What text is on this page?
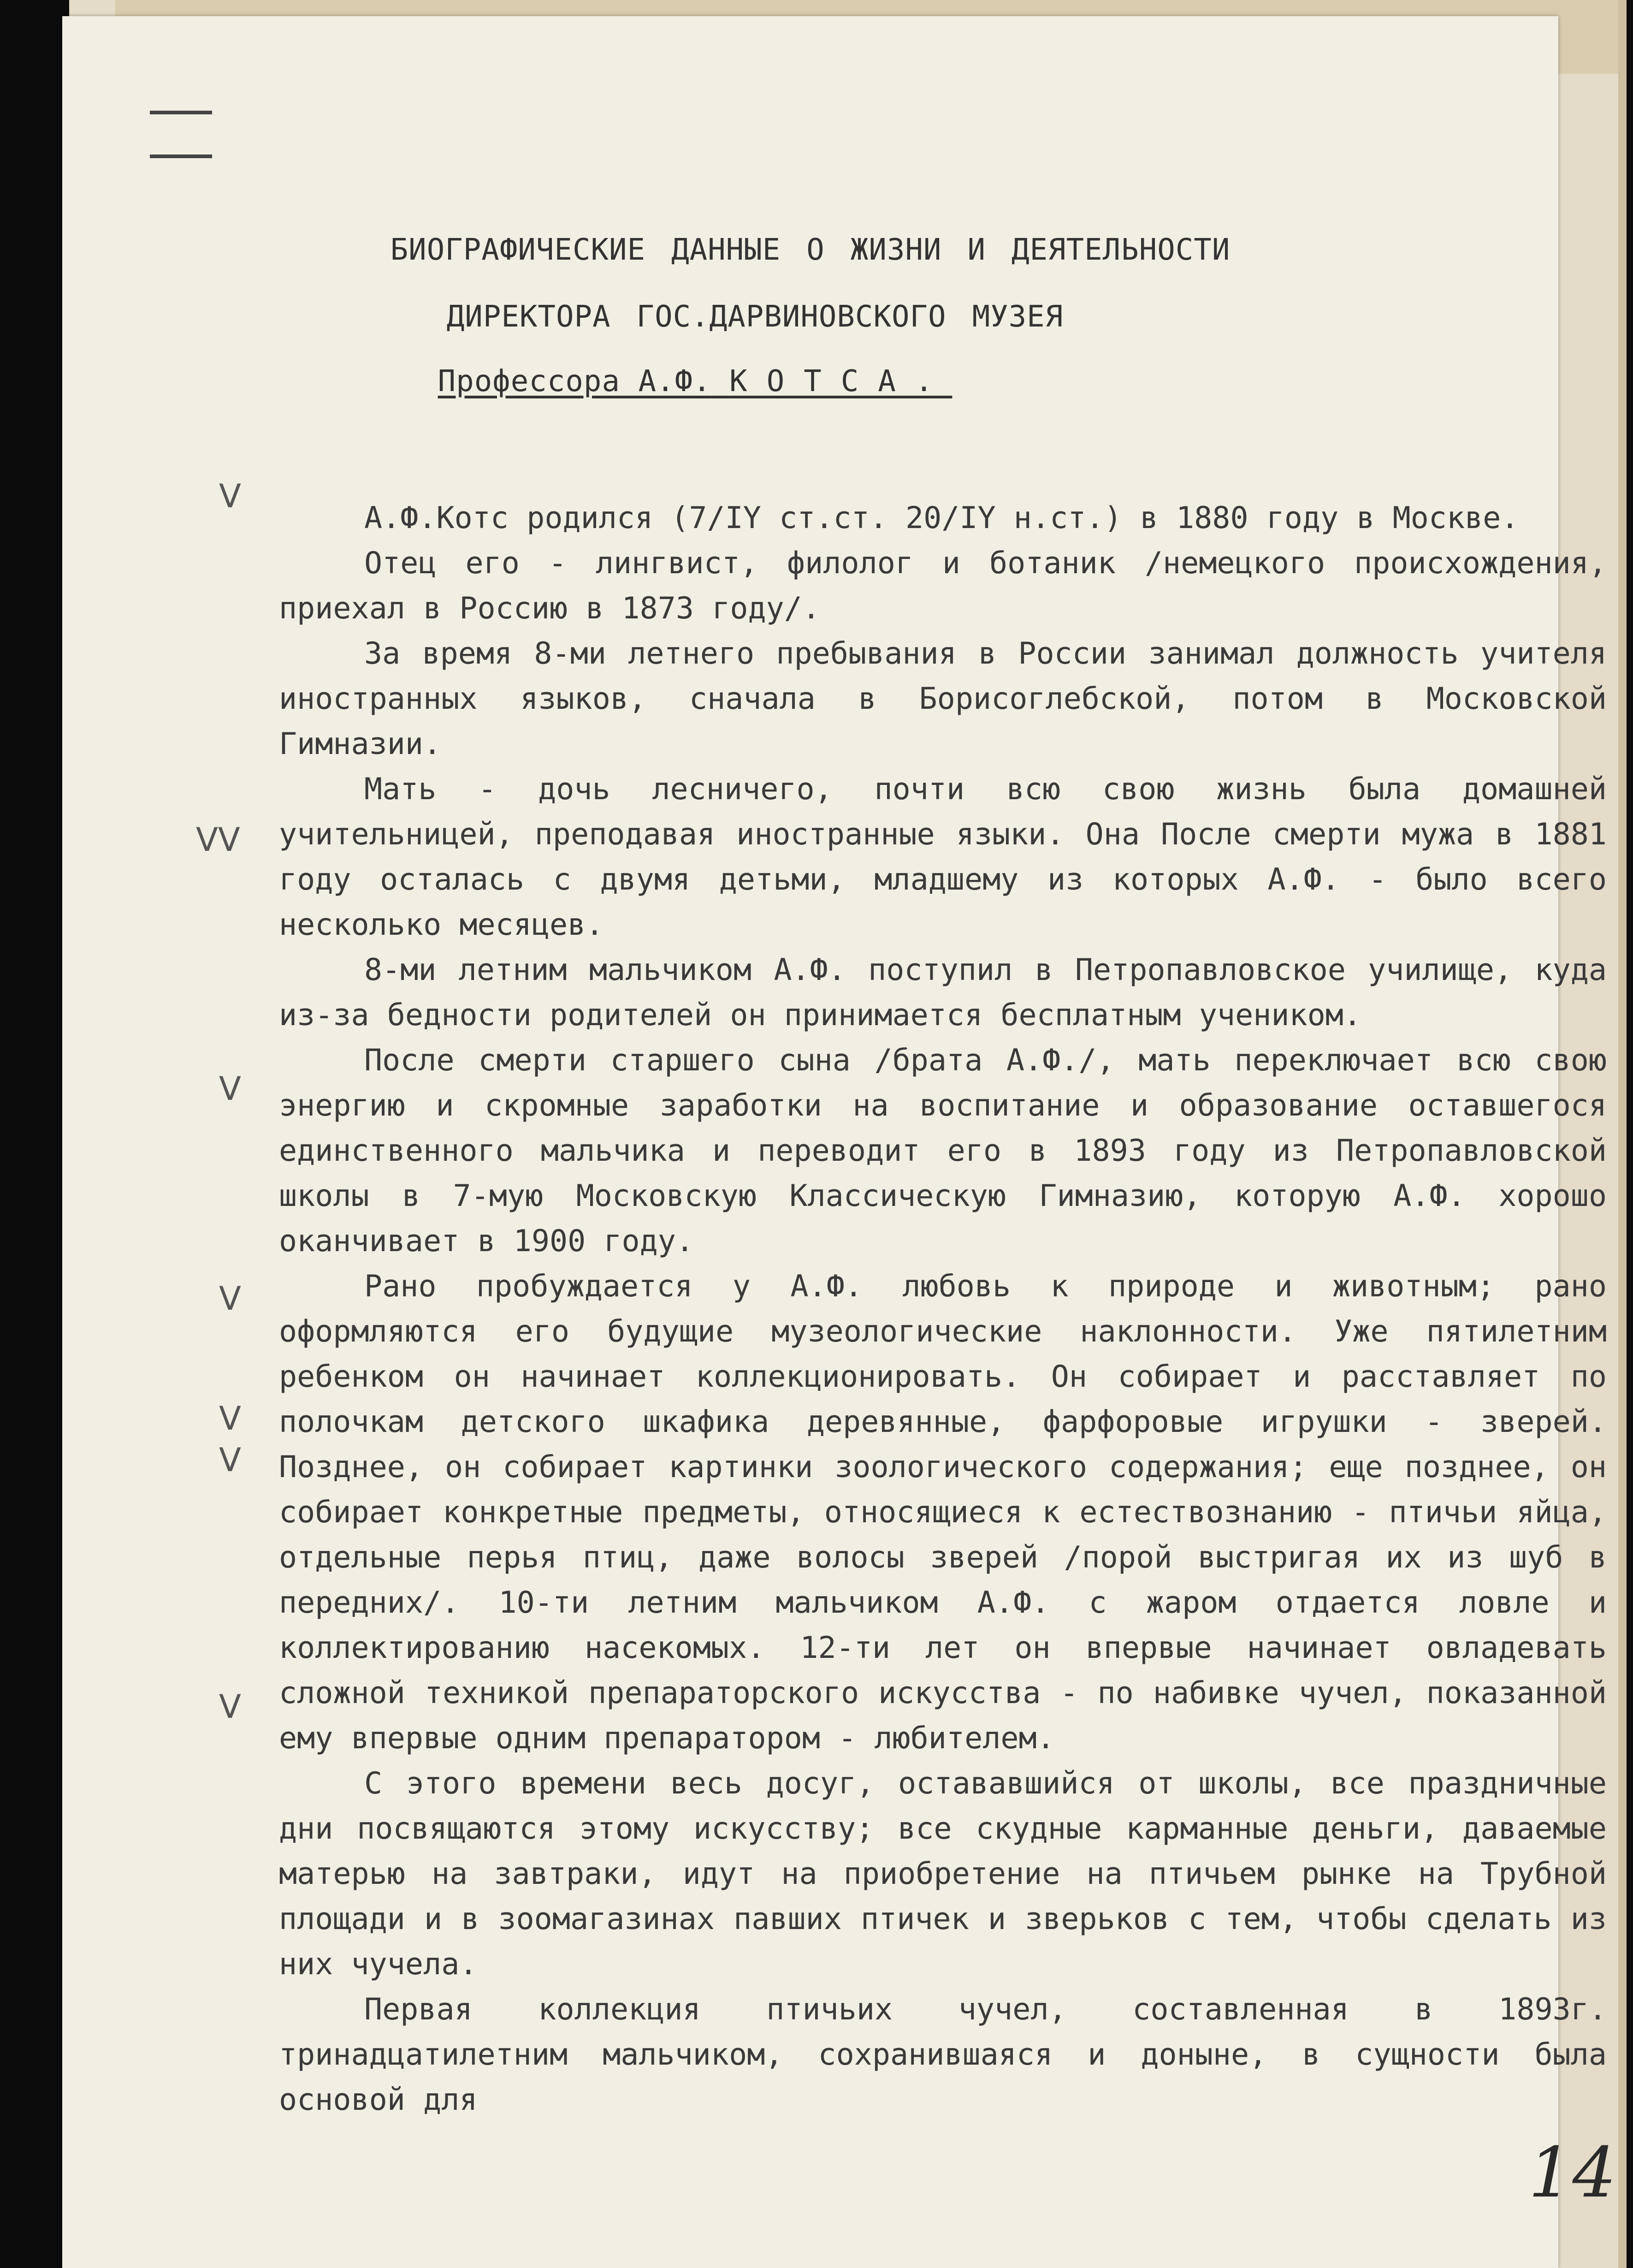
БИОГРАФИЧЕСКИЕ ДАННЫЕ О ЖИЗНИ И ДЕЯТЕЛЬНОСТИ
ДИРЕКТОРА ГОС.ДАРВИНОВСКОГО МУЗЕЯ
Профессора А.Ф. КОТСА.
V
VV
V
V
V
V
V

А.Ф.Котс родился (7/IY ст.ст. 20/IY н.ст.) в 1880 году в Москве.

Отец его - лингвист, филолог и ботаник /немецкого происхождения, приехал в Россию в 1873 году/.

За время 8-ми летнего пребывания в России занимал должность учителя иностранных языков, сначала в Борисоглебской, потом в Московской Гимназии.

Мать - дочь лесничего, почти всю свою жизнь была домашней учительницей, преподавая иностранные языки. Она После смерти мужа в 1881 году осталась с двумя детьми, младшему из которых А.Ф. - было всего несколько месяцев.

8-ми летним мальчиком А.Ф. поступил в Петропавловское училище, куда из-за бедности родителей он принимается бесплатным учеником.

После смерти старшего сына /брата А.Ф./, мать переключает всю свою энергию и скромные заработки на воспитание и образование оставшегося единственного мальчика и переводит его в 1893 году из Петропавловской школы в 7-мую Московскую Классическую Гимназию, которую А.Ф. хорошо оканчивает в 1900 году.

Рано пробуждается у А.Ф. любовь к природе и животным; рано оформляются его будущие музеологические наклонности. Уже пятилетним ребенком он начинает коллекционировать. Он собирает и расставляет по полочкам детского шкафика деревянные, фарфоровые игрушки - зверей. Позднее, он собирает картинки зоологического содержания; еще позднее, он собирает конкретные предметы, относящиеся к естествознанию - птичьи яйца, отдельные перья птиц, даже волосы зверей /порой выстригая их из шуб в передних/. 10-ти летним мальчиком А.Ф. с жаром отдается ловле и коллектированию насекомых. 12-ти лет он впервые начинает овладевать сложной техникой препараторского искусства - по набивке чучел, показанной ему впервые одним препаратором - любителем.

С этого времени весь досуг, остававшийся от школы, все праздничные дни посвящаются этому искусству; все скудные карманные деньги, даваемые матерью на завтраки, идут на приобретение на птичьем рынке на Трубной площади и в зоомагазинах павших птичек и зверьков с тем, чтобы сделать из них чучела.

Первая коллекция птичьих чучел, составленная в 1893г. тринадцатилетним мальчиком, сохранившаяся и доныне, в сущности была основой для

14
